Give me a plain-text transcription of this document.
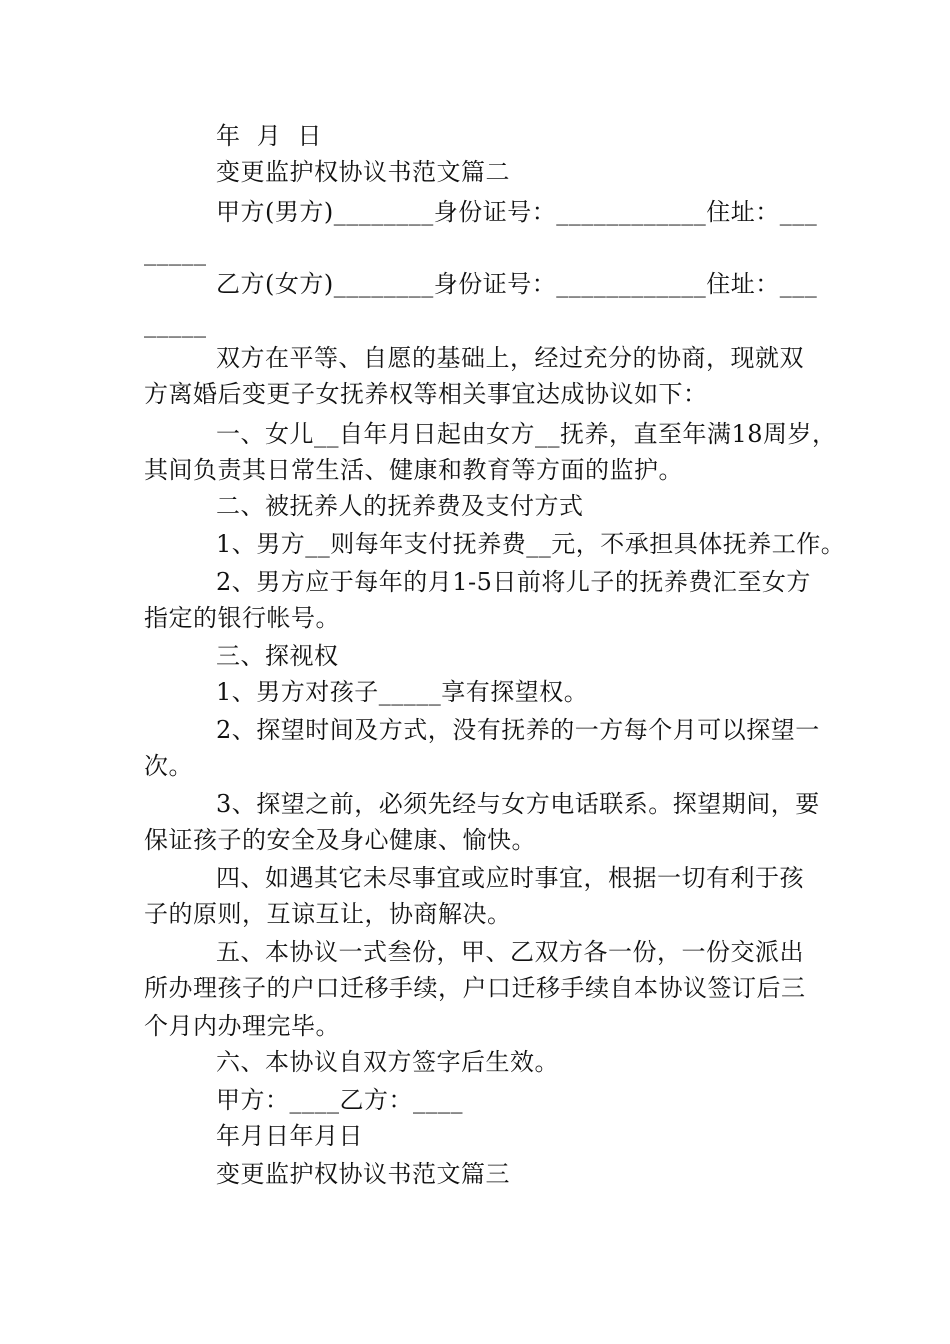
年  月  日
变更监护权协议书范文篇二
甲方(男方)________身份证号：____________住址：___
_____
乙方(女方)________身份证号：____________住址：___
_____
双方在平等、自愿的基础上，经过充分的协商，现就双
方离婚后变更子女抚养权等相关事宜达成协议如下：
一、女儿__自年月日起由女方__抚养，直至年满18周岁，
其间负责其日常生活、健康和教育等方面的监护。
二、被抚养人的抚养费及支付方式
1、男方__则每年支付抚养费__元，不承担具体抚养工作。
2、男方应于每年的月1-5日前将儿子的抚养费汇至女方
指定的银行帐号。
三、探视权
1、男方对孩子_____享有探望权。
2、探望时间及方式，没有抚养的一方每个月可以探望一
次。
3、探望之前，必须先经与女方电话联系。探望期间，要
保证孩子的安全及身心健康、愉快。
四、如遇其它未尽事宜或应时事宜，根据一切有利于孩
子的原则，互谅互让，协商解决。
五、本协议一式叁份，甲、乙双方各一份，一份交派出
所办理孩子的户口迁移手续，户口迁移手续自本协议签订后三
个月内办理完毕。
六、本协议自双方签字后生效。
甲方：____乙方：____
年月日年月日
变更监护权协议书范文篇三
